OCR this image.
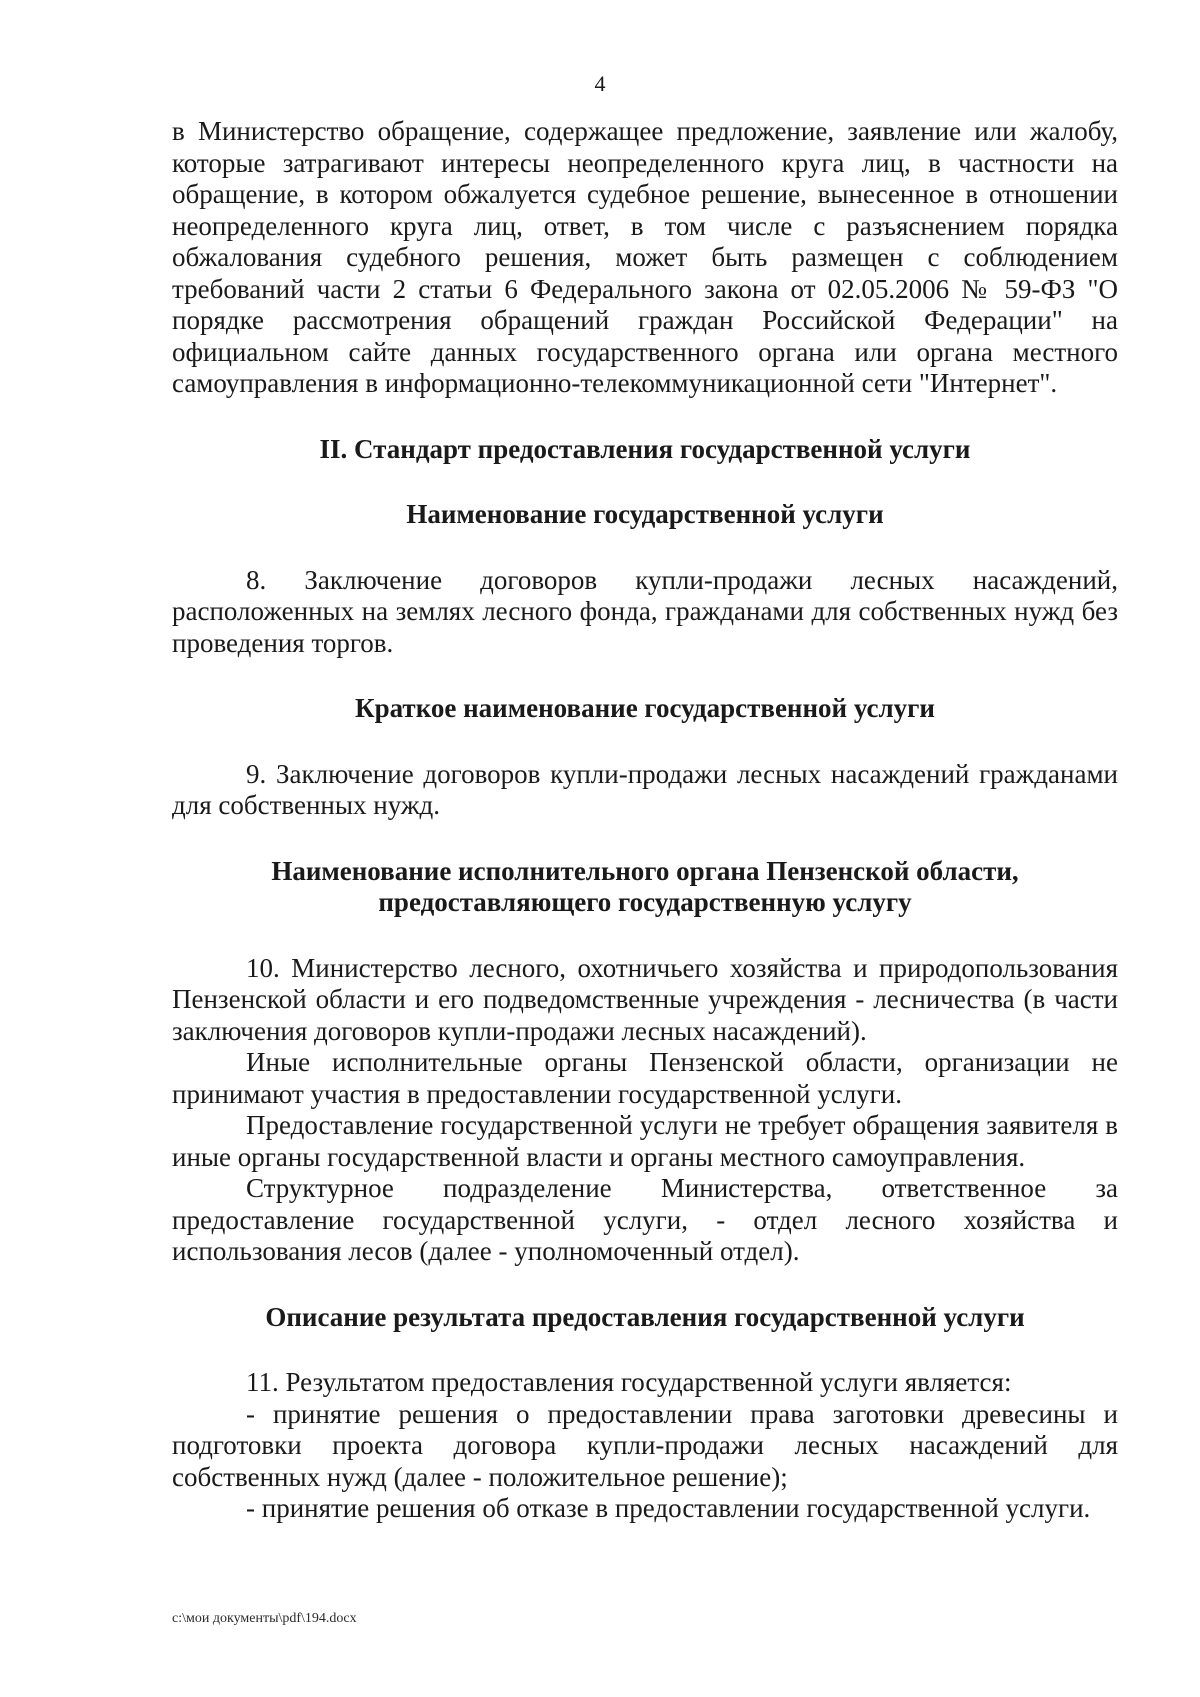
4

в Министерство обращение, содержащее предложение, заявление или жалобу, которые затрагивают интересы неопределенного круга лиц, в частности на обращение, в котором обжалуется судебное решение, вынесенное в отношении неопределенного круга лиц, ответ, в том числе с разъяснением порядка обжалования судебного решения, может быть размещен с соблюдением требований части 2 статьи 6 Федерального закона от 02.05.2006 № 59-ФЗ "О порядке рассмотрения обращений граждан Российской Федерации" на официальном сайте данных государственного органа или органа местного самоуправления в информационно-телекоммуникационной сети "Интернет".

II. Стандарт предоставления государственной услуги

Наименование государственной услуги

8. Заключение договоров купли-продажи лесных насаждений, расположенных на землях лесного фонда, гражданами для собственных нужд без проведения торгов.

Краткое наименование государственной услуги

9. Заключение договоров купли-продажи лесных насаждений гражданами для собственных нужд.

Наименование исполнительного органа Пензенской области,

предоставляющего государственную услугу

10. Министерство лесного, охотничьего хозяйства и природопользования Пензенской области и его подведомственные учреждения - лесничества (в части заключения договоров купли-продажи лесных насаждений).

Иные исполнительные органы Пензенской области, организации не принимают участия в предоставлении государственной услуги.

Предоставление государственной услуги не требует обращения заявителя в иные органы государственной власти и органы местного самоуправления.

Структурное подразделение Министерства, ответственное за предоставление государственной услуги, - отдел лесного хозяйства и использования лесов (далее - уполномоченный отдел).

Описание результата предоставления государственной услуги

11. Результатом предоставления государственной услуги является:

- принятие решения о предоставлении права заготовки древесины и подготовки проекта договора купли-продажи лесных насаждений для собственных нужд (далее - положительное решение);

- принятие решения об отказе в предоставлении государственной услуги.

c:\мои документы\pdf\194.docx
